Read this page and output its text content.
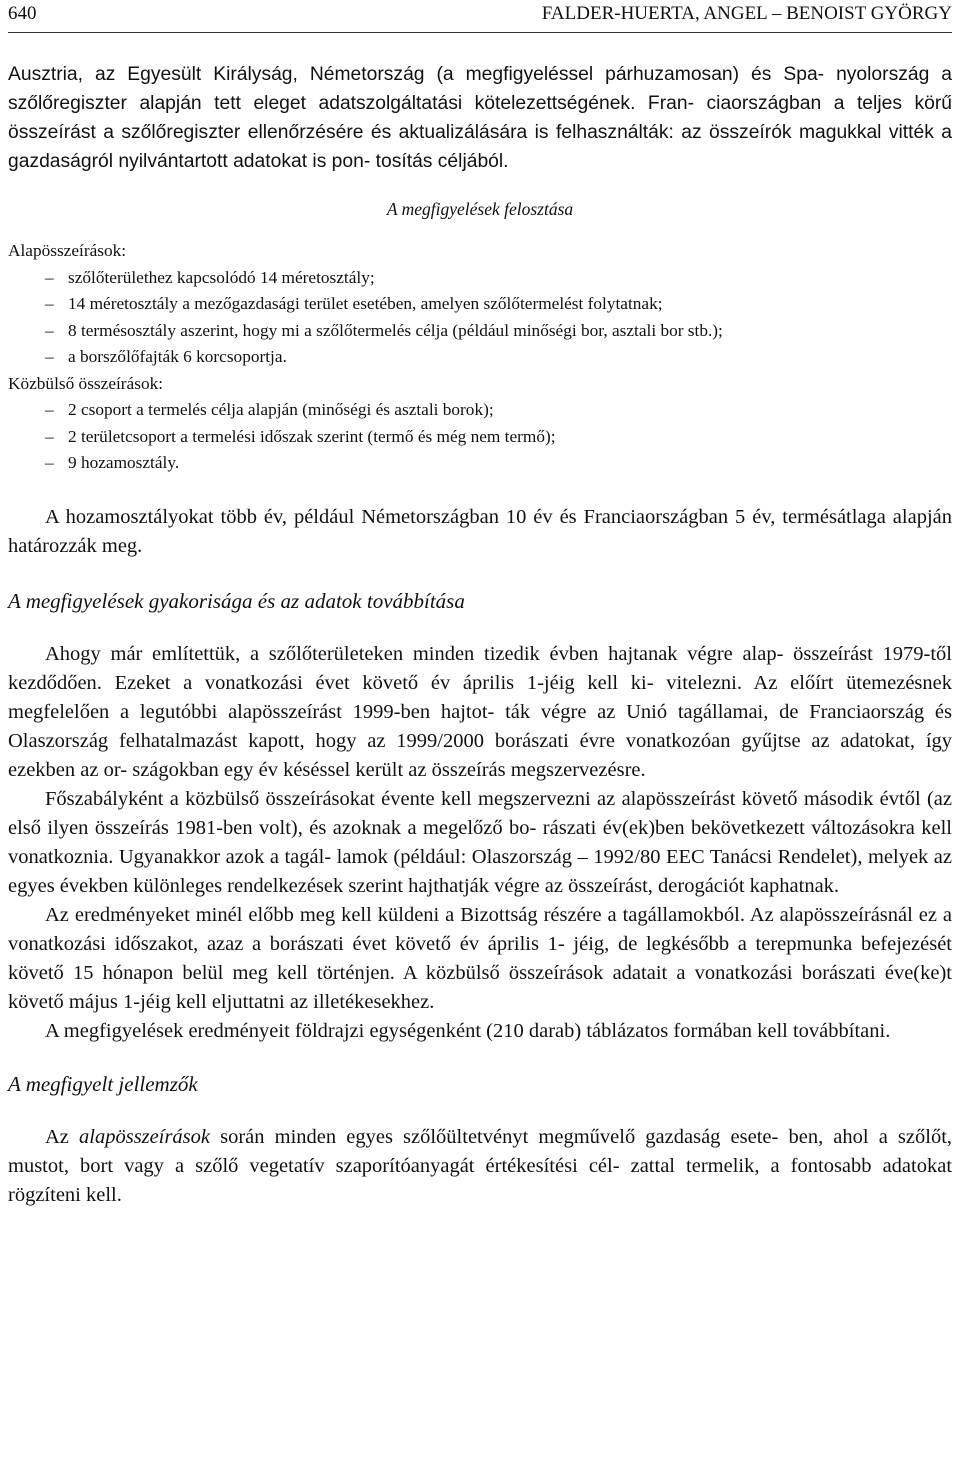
640	FALDER-HUERTA, ANGEL – BENOIST GYÖRGY

Ausztria, az Egyesült Királyság, Németország (a megfigyeléssel párhuzamosan) és Spa- nyolország a szőlőregiszter alapján tett eleget adatszolgáltatási kötelezettségének. Fran- ciaországban a teljes körű összeírást a szőlőregiszter ellenőrzésére és aktualizálására is felhasználták: az összeírók magukkal vitték a gazdaságról nyilvántartott adatokat is pon- tosítás céljából.

A megfigyelések felosztása
Alapösszeírások:
– szőlőterülethez kapcsolódó 14 méretosztály;
– 14 méretosztály a mezőgazdasági terület esetében, amelyen szőlőtermelést folytatnak;
– 8 termésosztály aszerint, hogy mi a szőlőtermelés célja (például minőségi bor, asztali bor stb.);
– a borszőlőfajták 6 korcsoportja.
Közbülső összeírások:
– 2 csoport a termelés célja alapján (minőségi és asztali borok);
– 2 területcsoport a termelési időszak szerint (termő és még nem termő);
– 9 hozamosztály.

A hozamosztályokat több év, például Németországban 10 év és Franciaországban 5 év, termésátlaga alapján határozzák meg.

A megfigyelések gyakorisága és az adatok továbbítása

Ahogy már említettük, a szőlőterületeken minden tizedik évben hajtanak végre alap- összeírást 1979-től kezdődően. Ezeket a vonatkozási évet követő év április 1-jéig kell ki- vitelezni. Az előírt ütemezésnek megfelelően a legutóbbi alapösszeírást 1999-ben hajtot- ták végre az Unió tagállamai, de Franciaország és Olaszország felhatalmazást kapott, hogy az 1999/2000 borászati évre vonatkozóan gyűjtse az adatokat, így ezekben az or- szágokban egy év késéssel került az összeírás megszervezésre.

Főszabályként a közbülső összeírásokat évente kell megszervezni az alapösszeírást követő második évtől (az első ilyen összeírás 1981-ben volt), és azoknak a megelőző bo- rászati év(ek)ben bekövetkezett változásokra kell vonatkoznia. Ugyanakkor azok a tagál- lamok (például: Olaszország – 1992/80 EEC Tanácsi Rendelet), melyek az egyes években különleges rendelkezések szerint hajthatják végre az összeírást, derogációt kaphatnak.

Az eredményeket minél előbb meg kell küldeni a Bizottság részére a tagállamokból. Az alapösszeírásnál ez a vonatkozási időszakot, azaz a borászati évet követő év április 1- jéig, de legkésőbb a terepmunka befejezését követő 15 hónapon belül meg kell történjen. A közbülső összeírások adatait a vonatkozási borászati éve(ke)t követő május 1-jéig kell eljuttatni az illetékesekhez.

A megfigyelések eredményeit földrajzi egységenként (210 darab) táblázatos formában kell továbbítani.

A megfigyelt jellemzők

Az alapösszeírások során minden egyes szőlőültetvényt megművelő gazdaság esete- ben, ahol a szőlőt, mustot, bort vagy a szőlő vegetatív szaporítóanyagát értékesítési cél- zattal termelik, a fontosabb adatokat rögzíteni kell.
